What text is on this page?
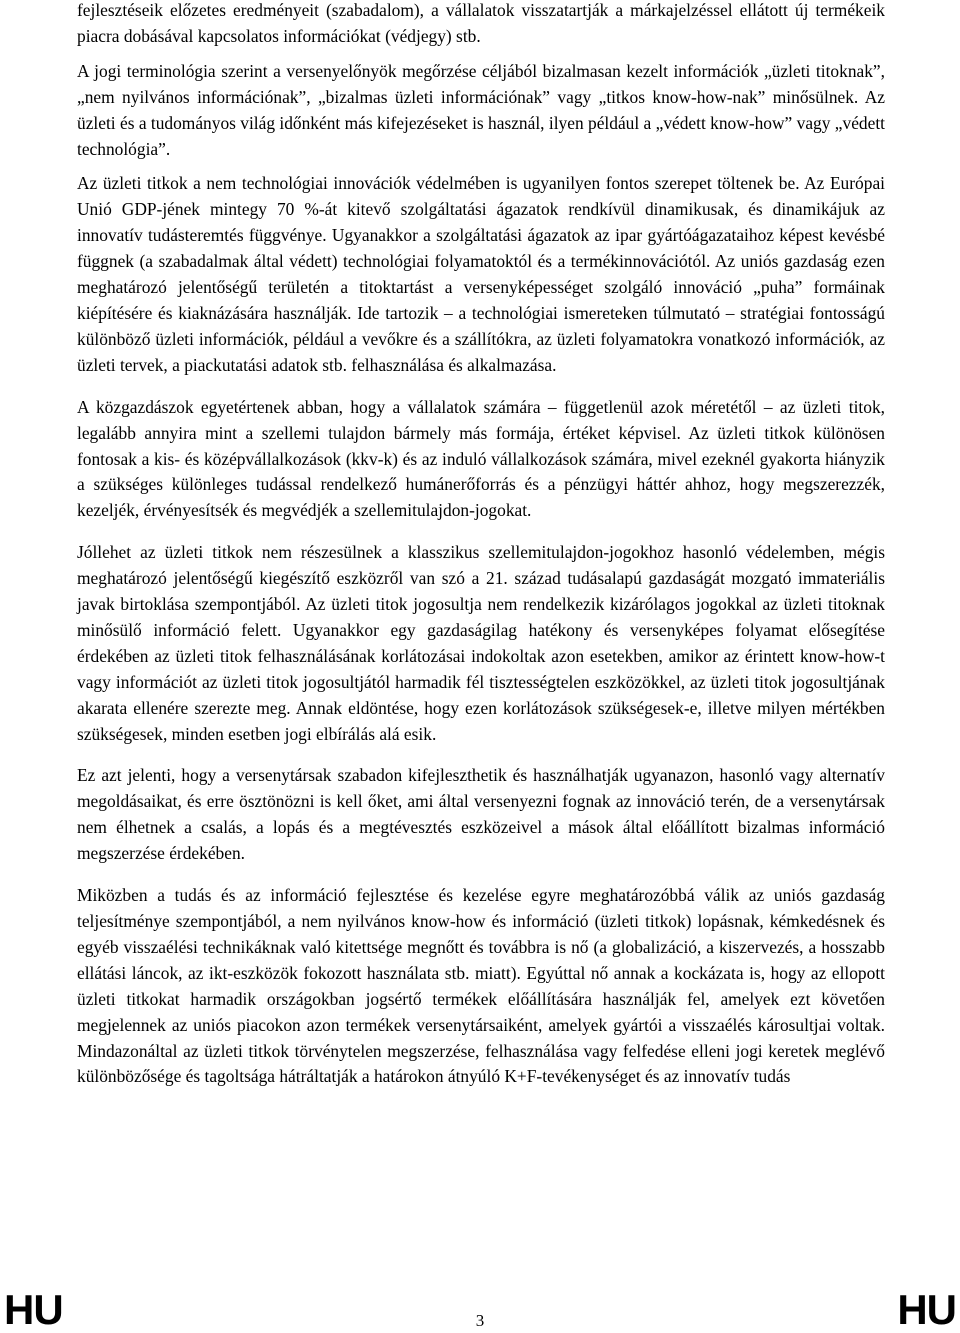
fejlesztéseik előzetes eredményeit (szabadalom), a vállalatok visszatartják a márkajelzéssel ellátott új termékeik piacra dobásával kapcsolatos információkat (védjegy) stb.

A jogi terminológia szerint a versenyelőnyök megőrzése céljából bizalmasan kezelt információk „üzleti titoknak”, „nem nyilvános információnak”, „bizalmas üzleti információnak” vagy „titkos know-how-nak” minősülnek. Az üzleti és a tudományos világ időnként más kifejezéseket is használ, ilyen például a „védett know-how” vagy „védett technológia”.

Az üzleti titkok a nem technológiai innovációk védelmében is ugyanilyen fontos szerepet töltenek be. Az Európai Unió GDP-jének mintegy 70 %-át kitevő szolgáltatási ágazatok rendkívül dinamikusak, és dinamikájuk az innovatív tudásteremtés függvénye. Ugyanakkor a szolgáltatási ágazatok az ipar gyártóágazataihoz képest kevésbé függnek (a szabadalmak által védett) technológiai folyamatoktól és a termékinnovációtól. Az uniós gazdaság ezen meghatározó jelentőségű területén a titoktartást a versenyképességet szolgáló innováció „puha” formáinak kiépítésére és kiaknázására használják. Ide tartozik – a technológiai ismereteken túlmutató – stratégiai fontosságú különböző üzleti információk, például a vevőkre és a szállítókra, az üzleti folyamatokra vonatkozó információk, az üzleti tervek, a piackutatási adatok stb. felhasználása és alkalmazása.

A közgazdászok egyetértenek abban, hogy a vállalatok számára – függetlenül azok méretétől – az üzleti titok, legalább annyira mint a szellemi tulajdon bármely más formája, értéket képvisel. Az üzleti titkok különösen fontosak a kis- és középvállalkozások (kkv-k) és az induló vállalkozások számára, mivel ezeknél gyakorta hiányzik a szükséges különleges tudással rendelkező humánerőforrás és a pénzügyi háttér ahhoz, hogy megszerezzék, kezeljék, érvényesítsék és megvédjék a szellemitulajdon-jogokat.

Jóllehet az üzleti titkok nem részesülnek a klasszikus szellemitulajdon-jogokhoz hasonló védelemben, mégis meghatározó jelentőségű kiegészítő eszközről van szó a 21. század tudásalapú gazdaságát mozgató immateriális javak birtoklása szempontjából. Az üzleti titok jogosultja nem rendelkezik kizárólagos jogokkal az üzleti titoknak minősülő információ felett. Ugyanakkor egy gazdaságilag hatékony és versenyképes folyamat elősegítése érdekében az üzleti titok felhasználásának korlátozásai indokoltak azon esetekben, amikor az érintett know-how-t vagy információt az üzleti titok jogosultjától harmadik fél tisztességtelen eszközökkel, az üzleti titok jogosultjának akarata ellenére szerezte meg. Annak eldöntése, hogy ezen korlátozások szükségesek-e, illetve milyen mértékben szükségesek, minden esetben jogi elbírálás alá esik.

Ez azt jelenti, hogy a versenytársak szabadon kifejleszthetik és használhatják ugyanazon, hasonló vagy alternatív megoldásaikat, és erre ösztönözni is kell őket, ami által versenyezni fognak az innováció terén, de a versenytársak nem élhetnek a csalás, a lopás és a megtévesztés eszközeivel a mások által előállított bizalmas információ megszerzése érdekében.

Miközben a tudás és az információ fejlesztése és kezelése egyre meghatározóbbá válik az uniós gazdaság teljesítménye szempontjából, a nem nyilvános know-how és információ (üzleti titkok) lopásnak, kémkedésnek és egyéb visszaélési technikáknak való kitettsége megnőtt és továbbra is nő (a globalizáció, a kiszervezés, a hosszabb ellátási láncok, az ikt-eszközök fokozott használata stb. miatt). Egyúttal nő annak a kockázata is, hogy az ellopott üzleti titkokat harmadik országokban jogsértő termékek előállítására használják fel, amelyek ezt követően megjelennek az uniós piacokon azon termékek versenytársaiként, amelyek gyártói a visszaélés károsultjai voltak. Mindazonáltal az üzleti titkok törvénytelen megszerzése, felhasználása vagy felfedése elleni jogi keretek meglévő különbözősége és tagoltsága hátráltatják a határokon átnyúló K+F-tevékenységet és az innovatív tudás

HU	3	HU
